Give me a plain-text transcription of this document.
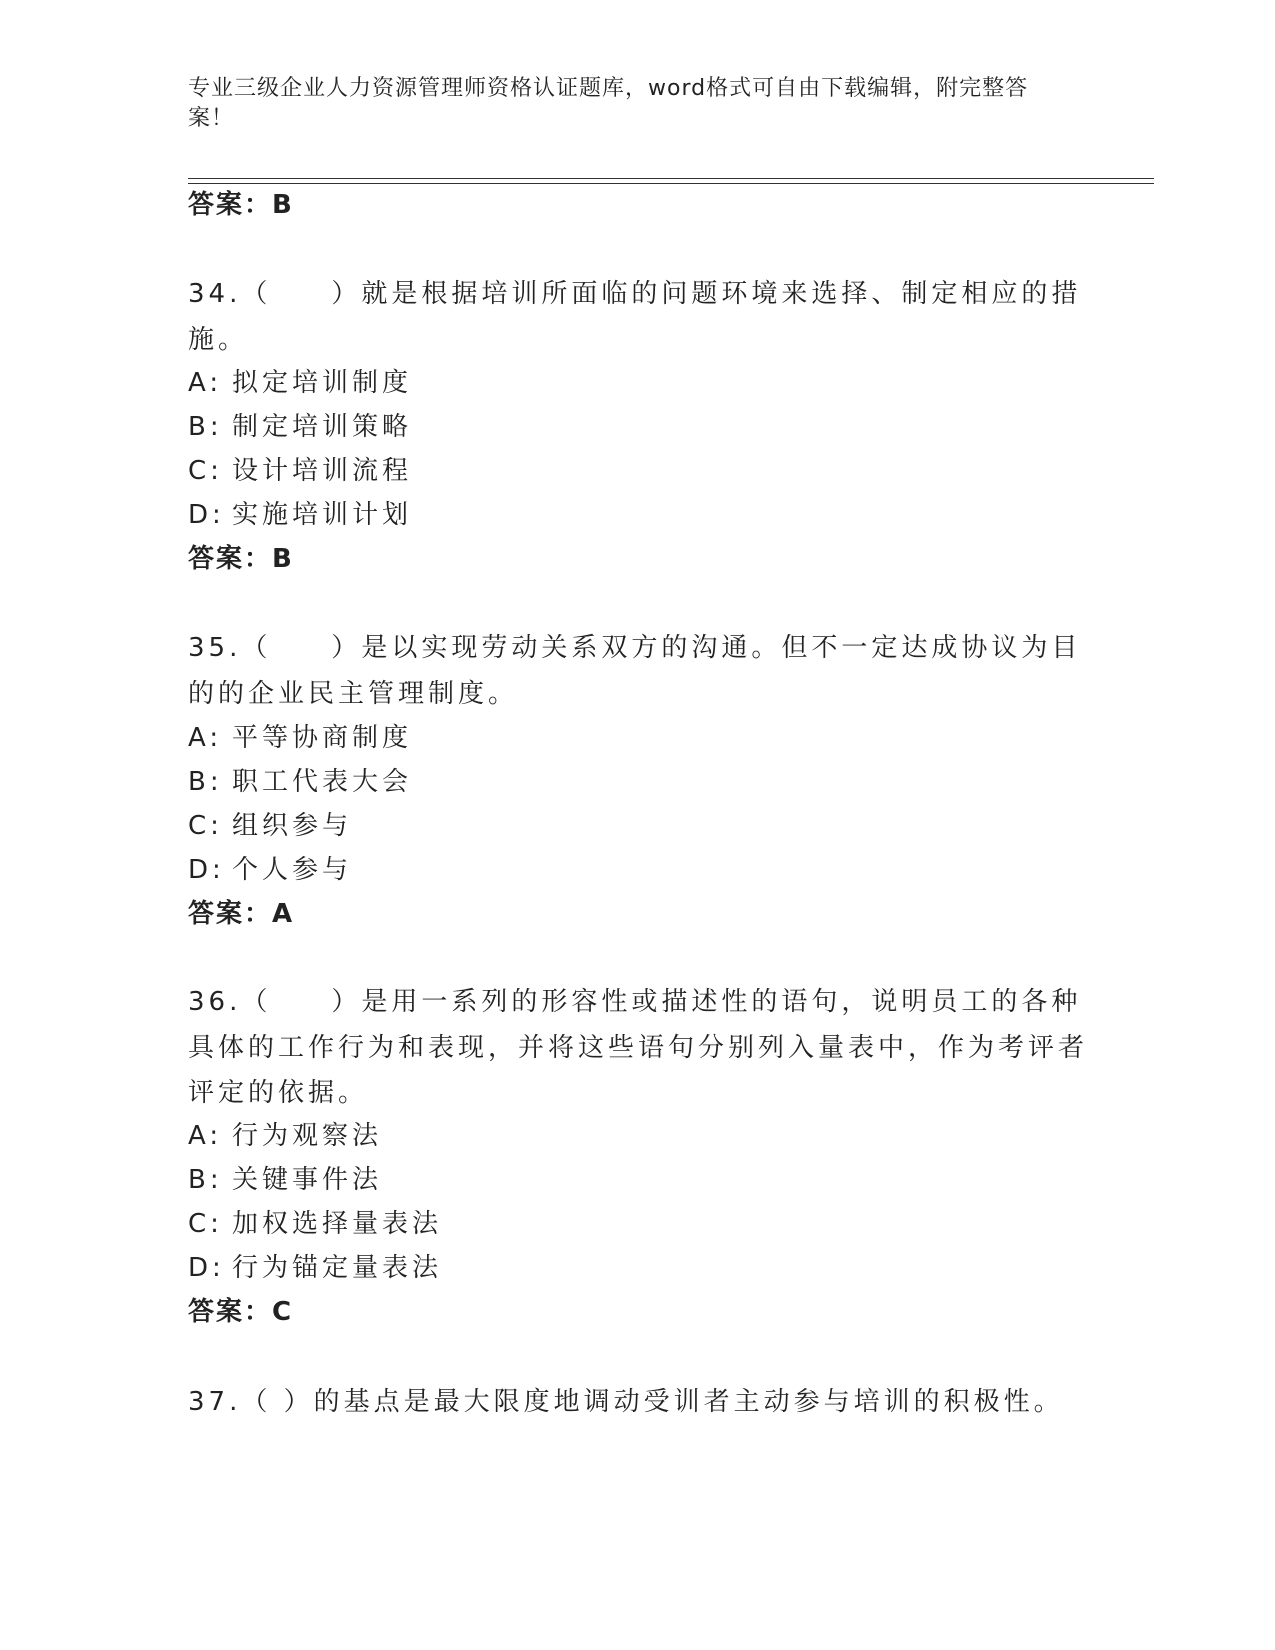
专业三级企业人力资源管理师资格认证题库，word格式可自由下载编辑，附完整答案！
答案：B
34.（　　）就是根据培训所面临的问题环境来选择、制定相应的措施。
A: 拟定培训制度
B: 制定培训策略
C: 设计培训流程
D: 实施培训计划
答案：B
35.（　　）是以实现劳动关系双方的沟通。但不一定达成协议为目的的企业民主管理制度。
A: 平等协商制度
B: 职工代表大会
C: 组织参与
D: 个人参与
答案：A
36.（　　）是用一系列的形容性或描述性的语句，说明员工的各种具体的工作行为和表现，并将这些语句分别列入量表中，作为考评者评定的依据。
A: 行为观察法
B: 关键事件法
C: 加权选择量表法
D: 行为锚定量表法
答案：C
37.（ ）的基点是最大限度地调动受训者主动参与培训的积极性。
